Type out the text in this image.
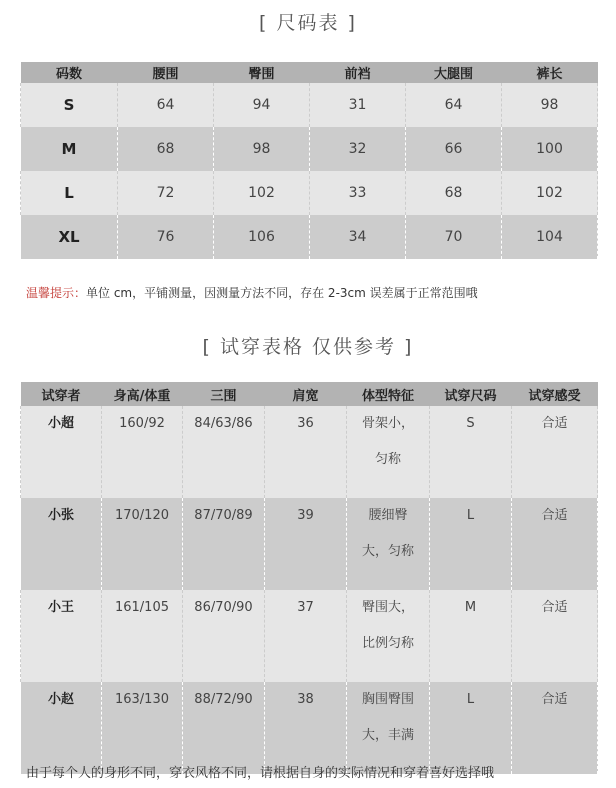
[ 尺码表 ]
码数	腰围	臀围	前裆	大腿围	裤长
S	64	94	31	64	98
M	68	98	32	66	100
L	72	102	33	68	102
XL	76	106	34	70	104
温馨提示：单位 cm，平铺测量，因测量方法不同，存在 2-3cm 误差属于正常范围哦
[ 试穿表格 仅供参考 ]
试穿者	身高/体重	三围	肩宽	体型特征	试穿尺码	试穿感受
小超	160/92	84/63/86	36	骨架小，匀称	S	合适
小张	170/120	87/70/89	39	腰细臀大，匀称	L	合适
小王	161/105	86/70/90	37	臀围大，比例匀称	M	合适
小赵	163/130	88/72/90	38	胸围臀围大，丰满	L	合适
由于每个人的身形不同，穿衣风格不同，请根据自身的实际情况和穿着喜好选择哦
